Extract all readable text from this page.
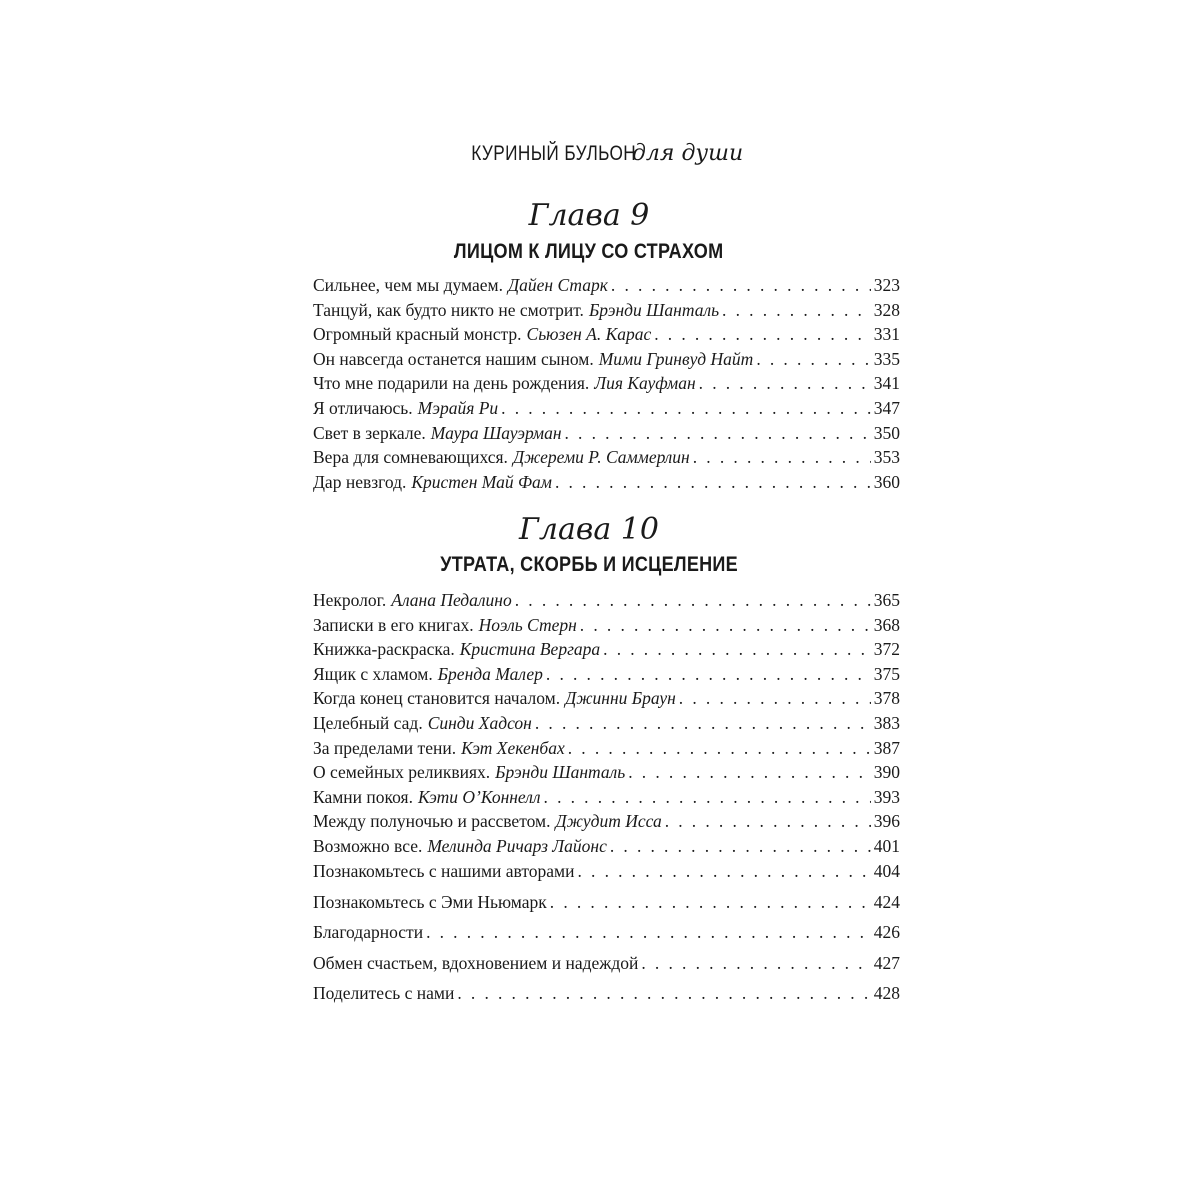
КУРИНЫЙ БУЛЬОН для души
Глава 9
ЛИЦОМ К ЛИЦУ СО СТРАХОМ
Сильнее, чем мы думаем. Дайен Старк . . .	323
Танцуй, как будто никто не смотрит. Брэнди Шанталь . . .	328
Огромный красный монстр. Сьюзен А. Карас . . .	331
Он навсегда останется нашим сыном. Мими Гринвуд Найт . . .	335
Что мне подарили на день рождения. Лия Кауфман . . .	341
Я отличаюсь. Мэрайя Ри . . .	347
Свет в зеркале. Маура Шауэрман . . .	350
Вера для сомневающихся. Джереми Р. Саммерлин . . .	353
Дар невзгод. Кристен Май Фам . . .	360
Глава 10
УТРАТА, СКОРБЬ И ИСЦЕЛЕНИЕ
Некролог. Алана Педалино . . .	365
Записки в его книгах. Ноэль Стерн . . .	368
Книжка-раскраска. Кристина Вергара . . .	372
Ящик с хламом. Бренда Малер . . .	375
Когда конец становится началом. Джинни Браун . . .	378
Целебный сад. Синди Хадсон . . .	383
За пределами тени. Кэт Хекенбах . . .	387
О семейных реликвиях. Брэнди Шанталь . . .	390
Камни покоя. Кэти О’Коннелл . . .	393
Между полуночью и рассветом. Джудит Исса . . .	396
Возможно все. Мелинда Ричарз Лайонс . . .	401
Познакомьтесь с нашими авторами . . .	404
Познакомьтесь с Эми Ньюмарк . . .	424
Благодарности . . .	426
Обмен счастьем, вдохновением и надеждой . . .	427
Поделитесь с нами . . .	428
